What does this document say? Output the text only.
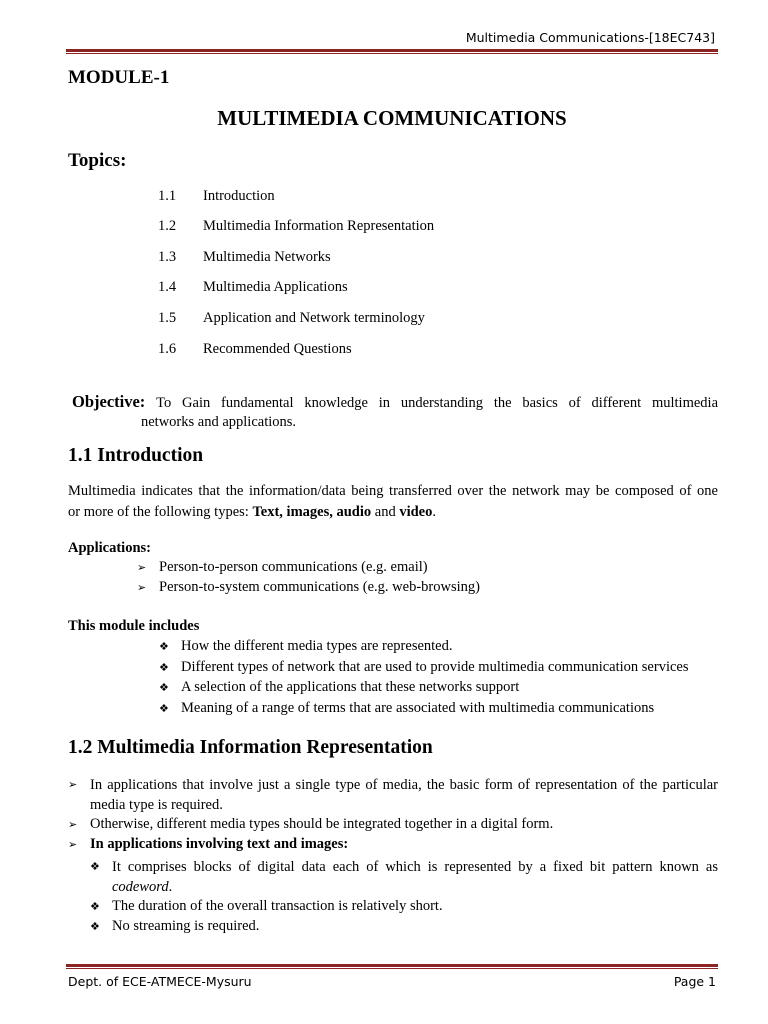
Multimedia Communications-[18EC743]
MODULE-1
MULTIMEDIA COMMUNICATIONS
Topics:
1.1 Introduction
1.2 Multimedia Information Representation
1.3 Multimedia Networks
1.4 Multimedia Applications
1.5 Application and Network terminology
1.6 Recommended Questions

Objective: To Gain fundamental knowledge in understanding the basics of different multimedia

networks and applications.

1.1 Introduction

Multimedia indicates that the information/data being transferred over the network may be composed of one

or more of the following types: Text, images, audio and video.

Applications:
➢ Person-to-person communications (e.g. email)
➢ Person-to-system communications (e.g. web-browsing)
This module includes
❖ How the different media types are represented.
❖ Different types of network that are used to provide multimedia communication services
❖ A selection of the applications that these networks support
❖ Meaning of a range of terms that are associated with multimedia communications
1.2 Multimedia Information Representation
➢ In applications that involve just a single type of media, the basic form of representation of the particular

media type is required.

➢ Otherwise, different media types should be integrated together in a digital form.
➢ In applications involving text and images:
❖ It comprises blocks of digital data each of which is represented by a fixed bit pattern known as

codeword.

❖ The duration of the overall transaction is relatively short.
❖ No streaming is required.
Dept. of ECE-ATMECE-Mysuru	Page 1
